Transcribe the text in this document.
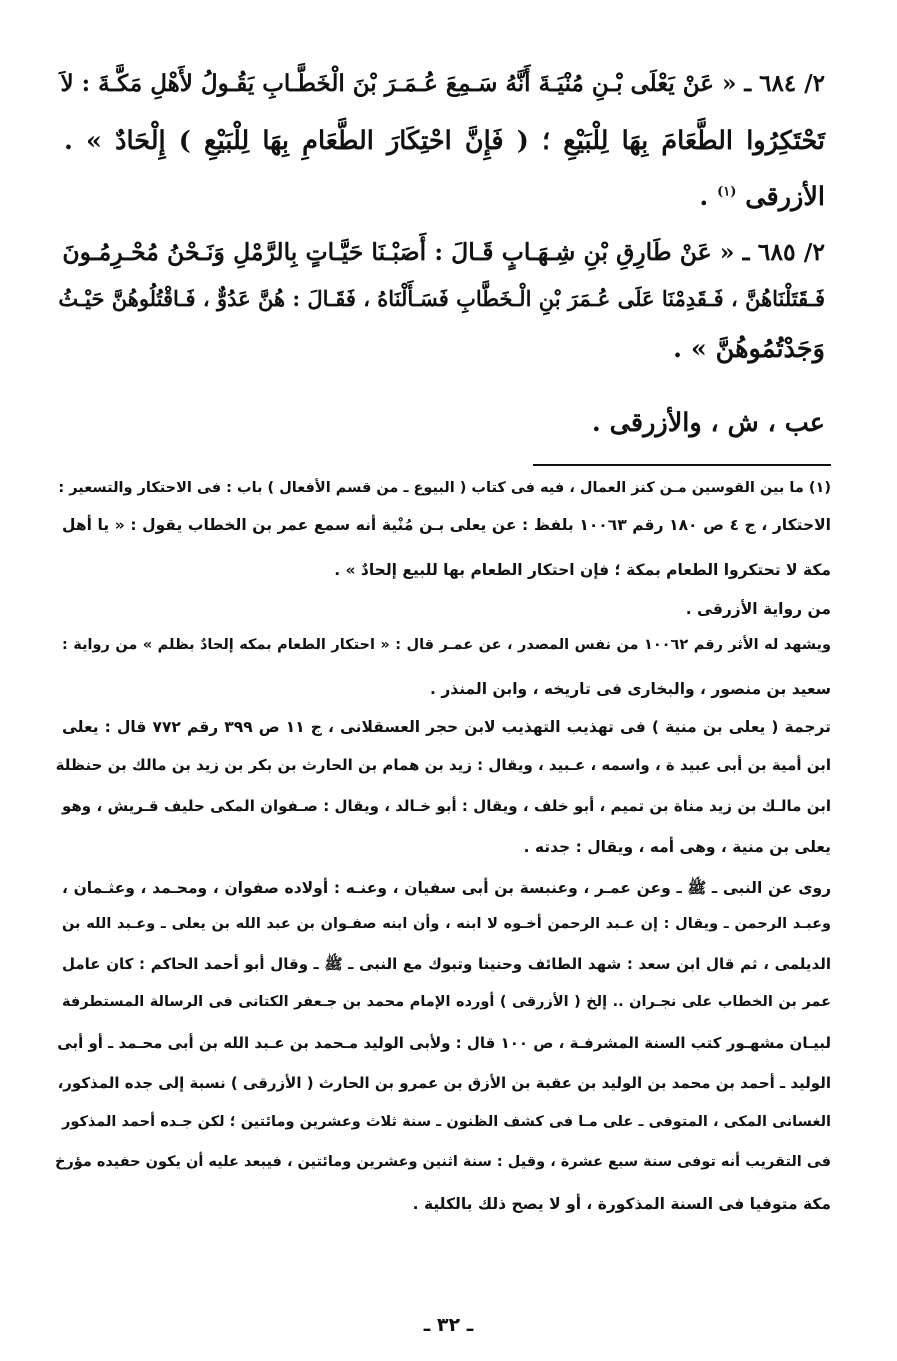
٢/ ٦٨٤ ـ « عَنْ يَعْلَى بْـنِ مُنْيَـةَ أَنَّهُ سَـمِعَ عُـمَـرَ بْنَ الْخَطَّـابِ يَقُـولُ لأَهْلِ مَكَّـةَ : لاَ
تَحْتَكِرُوا الطَّعَامَ بِهَا لِلْبَيْعِ ؛ ( فَإِنَّ احْتِكَارَ الطَّعَامِ بِهَا لِلْبَيْعِ ) إِلْحَادٌ » .
الأزرقى $^{(١)}$ .
٢/ ٦٨٥ ـ « عَنْ طَارِقِ بْنِ شِـهَـابٍ قَـالَ : أَصَبْـنَا حَيَّـاتٍ بِالرَّمْلِ وَنَـحْنُ مُحْـرِمُـونَ
فَـقَتَلْنَاهُنَّ ، فَـقَدِمْنَا عَلَى عُـمَرَ بْنِ الْـخَطَّابِ فَسَـأَلْنَاهُ ، فَقَـالَ : هُنَّ عَدُوٌّ ، فَـاقْتُلُوهُنَّ حَيْـثُ
وَجَدْتُمُوهُنَّ » .
عب ، ش ، والأزرقى .
(١) ما بين القوسين مـن كنز العمال ، فيه فى كتاب ( البيوع ـ من قسم الأفعال ) باب : فى الاحتكار والتسعير :
الاحتكار ، ج ٤ ص ١٨٠ رقم ١٠٠٦٣ بلفظ : عن يعلى بـن مُنْية أنه سمع عمر بن الخطاب يقول : « يا أهل
مكة لا تحتكروا الطعام بمكة ؛ فإن احتكار الطعام بها للبيع إلحادٌ » .
من رواية الأزرقى .
ويشهد له الأثر رقم ١٠٠٦٢ من نفس المصدر ، عن عمـر قال : « احتكار الطعام بمكه إلحادٌ بظلم » من رواية :
سعيد بن منصور ، والبخارى فى تاريخه ، وابن المنذر .
ترجمة ( يعلى بن منية ) فى تهذيب التهذيب لابن حجر العسقلانى ، ج ١١ ص ٣٩٩ رقم ٧٧٢ قال : يعلى
ابن أمية بن أبى عبيد ة ، واسمه ، عـبيد ، ويقال : زيد بن همام بن الحارث بن بكر بن زيد بن مالك بن حنظلة
ابن مالـك بن زيد مناة بن تميم ، أبو خلف ، ويقال : أبو خـالد ، ويقال : صـفوان المكى حليف قـريش ، وهو
يعلى بن منية ، وهى أمه ، ويقال : جدته .
روى عن النبى ـ ﷺ ـ وعن عمـر ، وعنبسة بن أبى سفيان ، وعنـه : أولاده صفوان ، ومحـمد ، وعثـمان ،
وعبـد الرحمن ـ ويقال : إن عـبد الرحمن أخـوه لا ابنه ، وأن ابنه صفـوان بن عبد الله بن يعلى ـ وعـبد الله بن
الديلمى ، ثم قال ابن سعد : شهد الطائف وحنينا وتبوك مع النبى ـ ﷺ ـ وقال أبو أحمد الحاكم : كان عامل
عمر بن الخطاب على نجـران .. إلخ ( الأزرقى ) أورده الإمام محمد بن جـعفر الكتانى فى الرسالة المستطرفة
لبيـان مشهـور كتب السنة المشرفـة ، ص ١٠٠ قال : ولأبى الوليد مـحمد بن عـبد الله بن أبى محـمد ـ أو أبى
الوليد ـ أحمد بن محمد بن الوليد بن عقبة بن الأزق بن عمرو بن الحارث ( الأزرقى ) نسبة إلى جده المذكور،
الغسانى المكى ، المتوفى ـ على مـا فى كشف الظنون ـ سنة ثلاث وعشرين ومائتين ؛ لكن جـده أحمد المذكور
فى التقريب أنه توفى سنة سبع عشرة ، وقيل : سنة اثنين وعشرين ومائتين ، فيبعد عليه أن يكون حفيده مؤرخ
مكة متوفيا فى السنة المذكورة ، أو لا يصح ذلك بالكلية .
ـ ٣٢ ـ
